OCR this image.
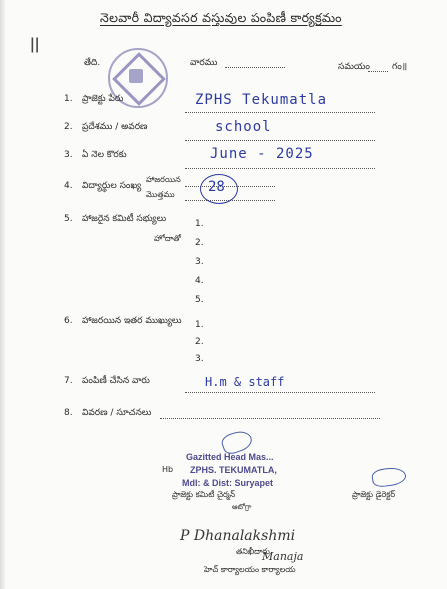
నెలవారీ విద్యావసర వస్తువుల పంపిణీ కార్యక్రమం
ǀǀ
తేది.	వారము	సమయం గం॥
1. ప్రాజెక్టు పేరు	ZPHS Tekumatla
2. ప్రదేశము / అవరణ	school
3. ఏ నెల కొరకు	June - 2025
4. విద్యార్థుల సంఖ్య
హాజరయిన
మొత్తము 28
5. హాజరైన కమిటీ సభ్యులు
హోదాతో
1.
2.
3.
4.
5.
6. హాజరయిన ఇతర ముఖ్యులు 1.
2.
3.
7. పంపిణీ చేసిన వారు	H.m & staff
8. వివరణ / సూచనలు
Gazitted Head Mas...
ZPHS. TEKUMATLA,
Mdl: & Dist: Suryapet
Hb
ప్రాజెక్టు కమిటీ చైర్మన్
ఆటోగ్రా
ప్రాజెక్టు డైరెక్టర్
P Dhanalakshmi
తనిఖీదారు
Manaja
హెచ్ కార్యాలయం కార్యాలయ
